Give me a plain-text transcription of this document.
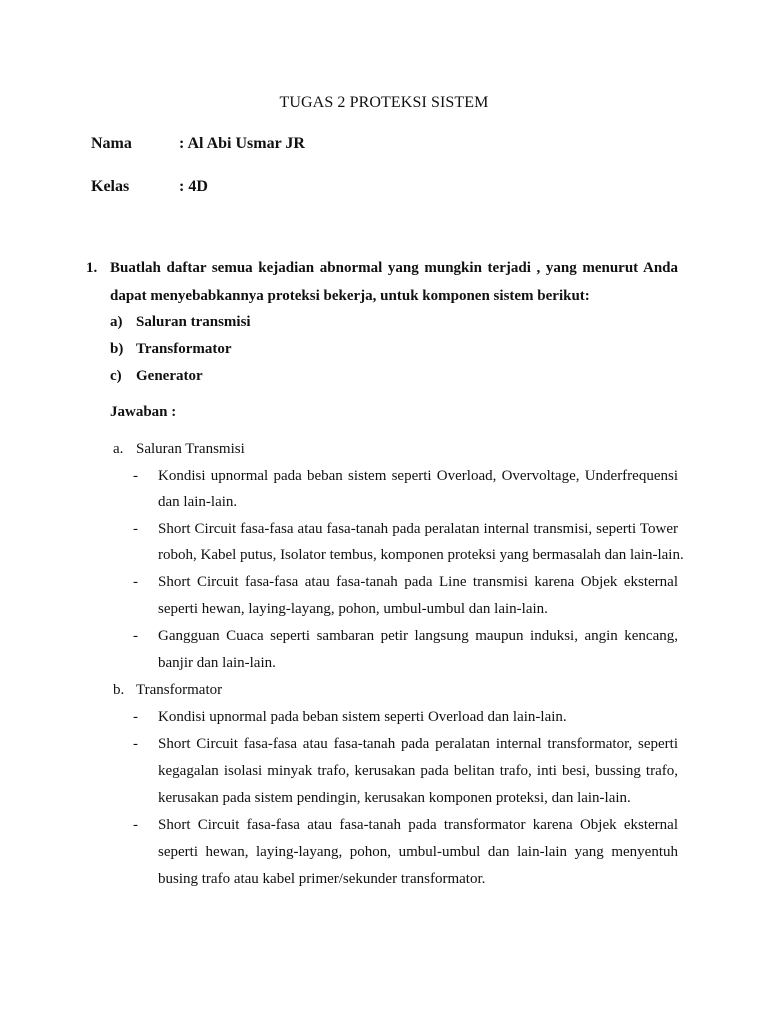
TUGAS 2 PROTEKSI SISTEM
Nama	: Al Abi Usmar JR
Kelas	: 4D
1. Buatlah daftar semua kejadian abnormal yang mungkin terjadi , yang menurut Anda
dapat menyebabkannya proteksi bekerja, untuk komponen sistem berikut:
a) Saluran transmisi
b) Transformator
c) Generator
Jawaban :
a. Saluran Transmisi
- Kondisi upnormal pada beban sistem seperti Overload, Overvoltage, Underfrequensi
dan lain-lain.
- Short Circuit fasa-fasa atau fasa-tanah pada peralatan internal transmisi, seperti Tower
roboh, Kabel putus, Isolator tembus, komponen proteksi yang bermasalah dan lain-lain.
- Short Circuit fasa-fasa atau fasa-tanah pada Line transmisi karena Objek eksternal
seperti hewan, laying-layang, pohon, umbul-umbul dan lain-lain.
- Gangguan Cuaca seperti sambaran petir langsung maupun induksi, angin kencang,
banjir dan lain-lain.
b. Transformator
- Kondisi upnormal pada beban sistem seperti Overload dan lain-lain.
- Short Circuit fasa-fasa atau fasa-tanah pada peralatan internal transformator, seperti
kegagalan isolasi minyak trafo, kerusakan pada belitan trafo, inti besi, bussing trafo,
kerusakan pada sistem pendingin, kerusakan komponen proteksi, dan lain-lain.
- Short Circuit fasa-fasa atau fasa-tanah pada transformator karena Objek eksternal
seperti hewan, laying-layang, pohon, umbul-umbul dan lain-lain yang menyentuh
busing trafo atau kabel primer/sekunder transformator.
